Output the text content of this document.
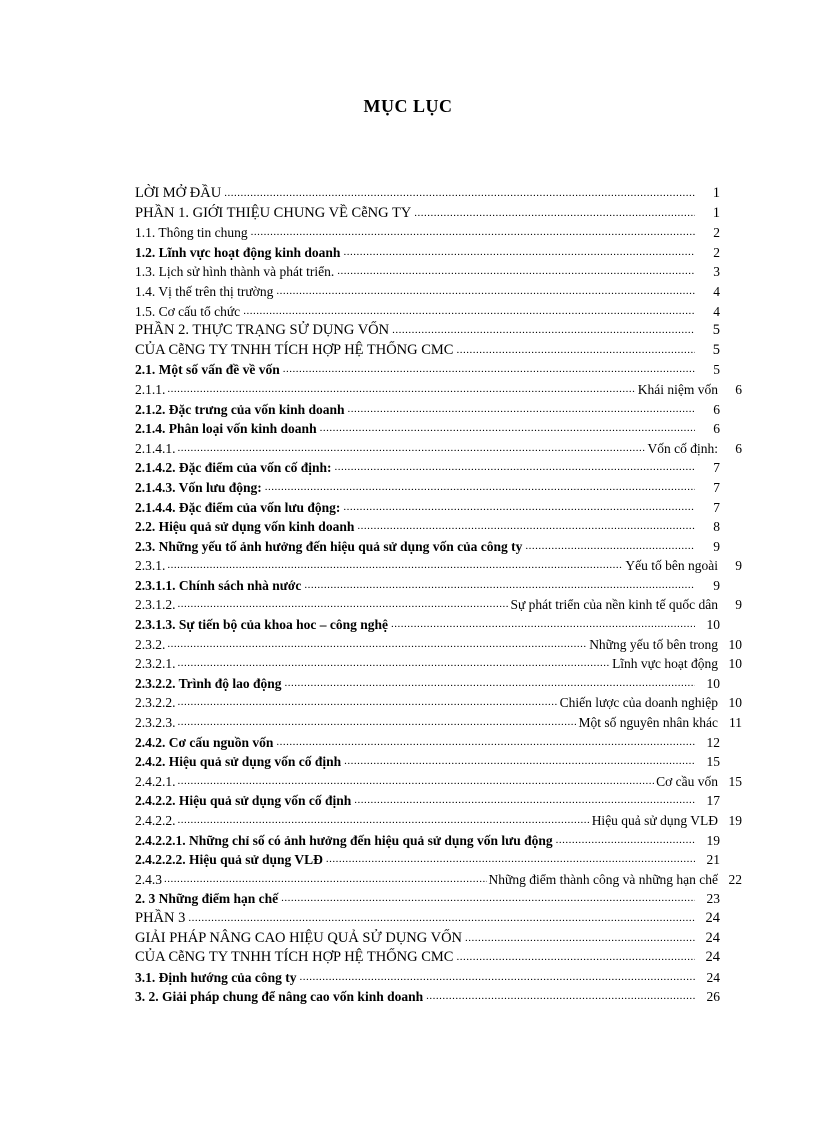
MỤC LỤC
LỜI MỞ ĐẦU .....	1
PHẦN 1. GIỚI THIỆU CHUNG VỀ CễNG TY .....	1
1.1. Thông tin chung .....	2
1.2. Lĩnh vực hoạt động kinh doanh .....	2
1.3. Lịch sử hình thành và phát triển. .....	3
1.4. Vị thế trên thị trường .....	4
1.5. Cơ cấu tổ chức .....	4
PHẦN 2. THỰC TRẠNG SỬ DỤNG VỐN .....	5
CỦA CễNG TY TNHH TÍCH HỢP HỆ THỐNG CMC .....	5
2.1. Một số vấn đề về vốn .....	5
2.1.1. .....	Khái niệm vốn	6
2.1.2. Đặc trưng của vốn kinh doanh .....	6
2.1.4. Phân loại vốn kinh doanh .....	6
2.1.4.1. .....	Vốn cố định:	6
2.1.4.2. Đặc điểm của vốn cố định: .....	7
2.1.4.3. Vốn lưu động: .....	7
2.1.4.4. Đặc điểm của vốn lưu động: .....	7
2.2. Hiệu quả sử dụng vốn kinh doanh .....	8
2.3. Những yếu tố ảnh hưởng đến hiệu quả sử dụng vốn của công ty .....	9
2.3.1. .....	Yếu tố bên ngoài	9
2.3.1.1. Chính sách nhà nước .....	9
2.3.1.2. .....	Sự phát triển của nền kinh tế quốc dân	9
2.3.1.3. Sự tiến bộ của khoa hoc – công nghệ .....	10
2.3.2. .....	Những yếu tố bên trong 10
2.3.2.1. .....	Lĩnh vực hoạt động 10
2.3.2.2. Trình độ lao động .....	10
2.3.2.2. .....	Chiến lược của doanh nghiệp 10
2.3.2.3. .....	Một số nguyên nhân khác 11
2.4.2. Cơ cấu nguồn vốn .....	12
2.4.2. Hiệu quả sử dụng vốn cố định .....	15
2.4.2.1. .....	Cơ cầu vốn 15
2.4.2.2. Hiệu quả sử dụng vốn cố định .....	17
2.4.2.2. .....	Hiệu quả sử dụng VLĐ 19
2.4.2.2.1. Những chỉ số có ảnh hưởng đến hiệu quả sử dụng vốn lưu động .....	19
2.4.2.2.2. Hiệu quả sử dụng VLĐ .....	21
2.4.3 .....	Những điểm thành công và những hạn chế 22
2. 3 Những điểm hạn chế .....	23
PHẦN 3 .....	24
GIẢI PHÁP NÂNG CAO HIỆU QUẢ SỬ DỤNG VỐN .....	24
CỦA CễNG TY TNHH TÍCH HỢP HỆ THỐNG CMC .....	24
3.1. Định hướng của công ty .....	24
3. 2. Giải pháp chung để nâng cao vốn kinh doanh .....	26
